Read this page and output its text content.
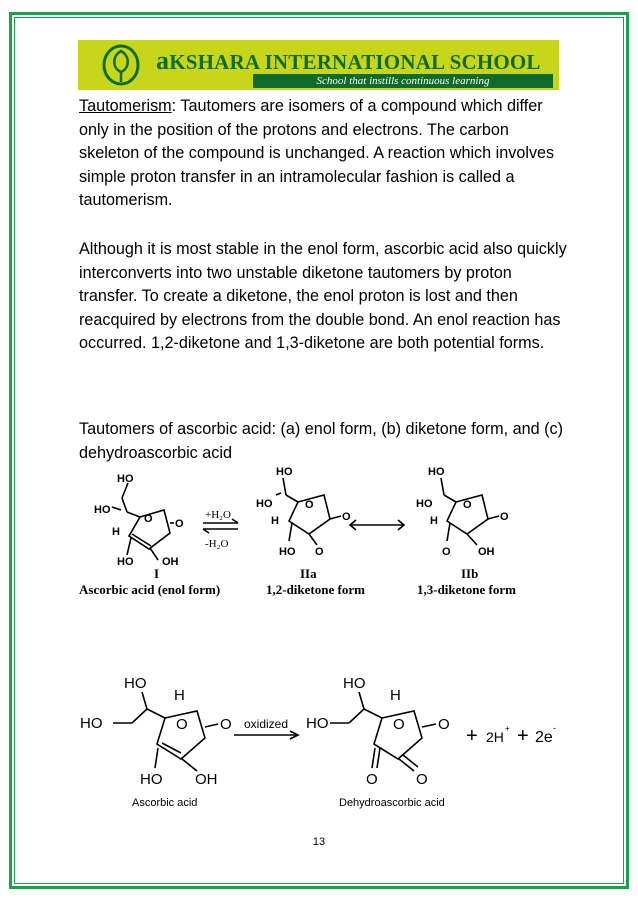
aKSHARA INTERNATIONAL SCHOOL
School that instills continuous learning
Tautomerism: Tautomers are isomers of a compound which differ only in the position of the protons and electrons. The carbon skeleton of the compound is unchanged. A reaction which involves simple proton transfer in an intramolecular fashion is called a tautomerism.
Although it is most stable in the enol form, ascorbic acid also quickly interconverts into two unstable diketone tautomers by proton transfer. To create a diketone, the enol proton is lost and then reacquired by electrons from the double bond. An enol reaction has occurred. 1,2-diketone and 1,3-diketone are both potential forms.
Tautomers of ascorbic acid: (a) enol form, (b) diketone form, and (c) dehydroascorbic acid
HO
HO
H
O O
HO	OH
HO
HO
H
O
O
HO O
HO
HO
H
O
O
O OH
+H₂O
-H₂O
I
Ascorbic acid (enol form)
IIa
1,2-diketone form
IIb
1,3-diketone form
HO
H
HO	O O
HO OH
HO
H
HO	O O
O	O
oxidized
+ 2H
+ + 2e
-
Ascorbic acid	Dehydroascorbic acid
13
